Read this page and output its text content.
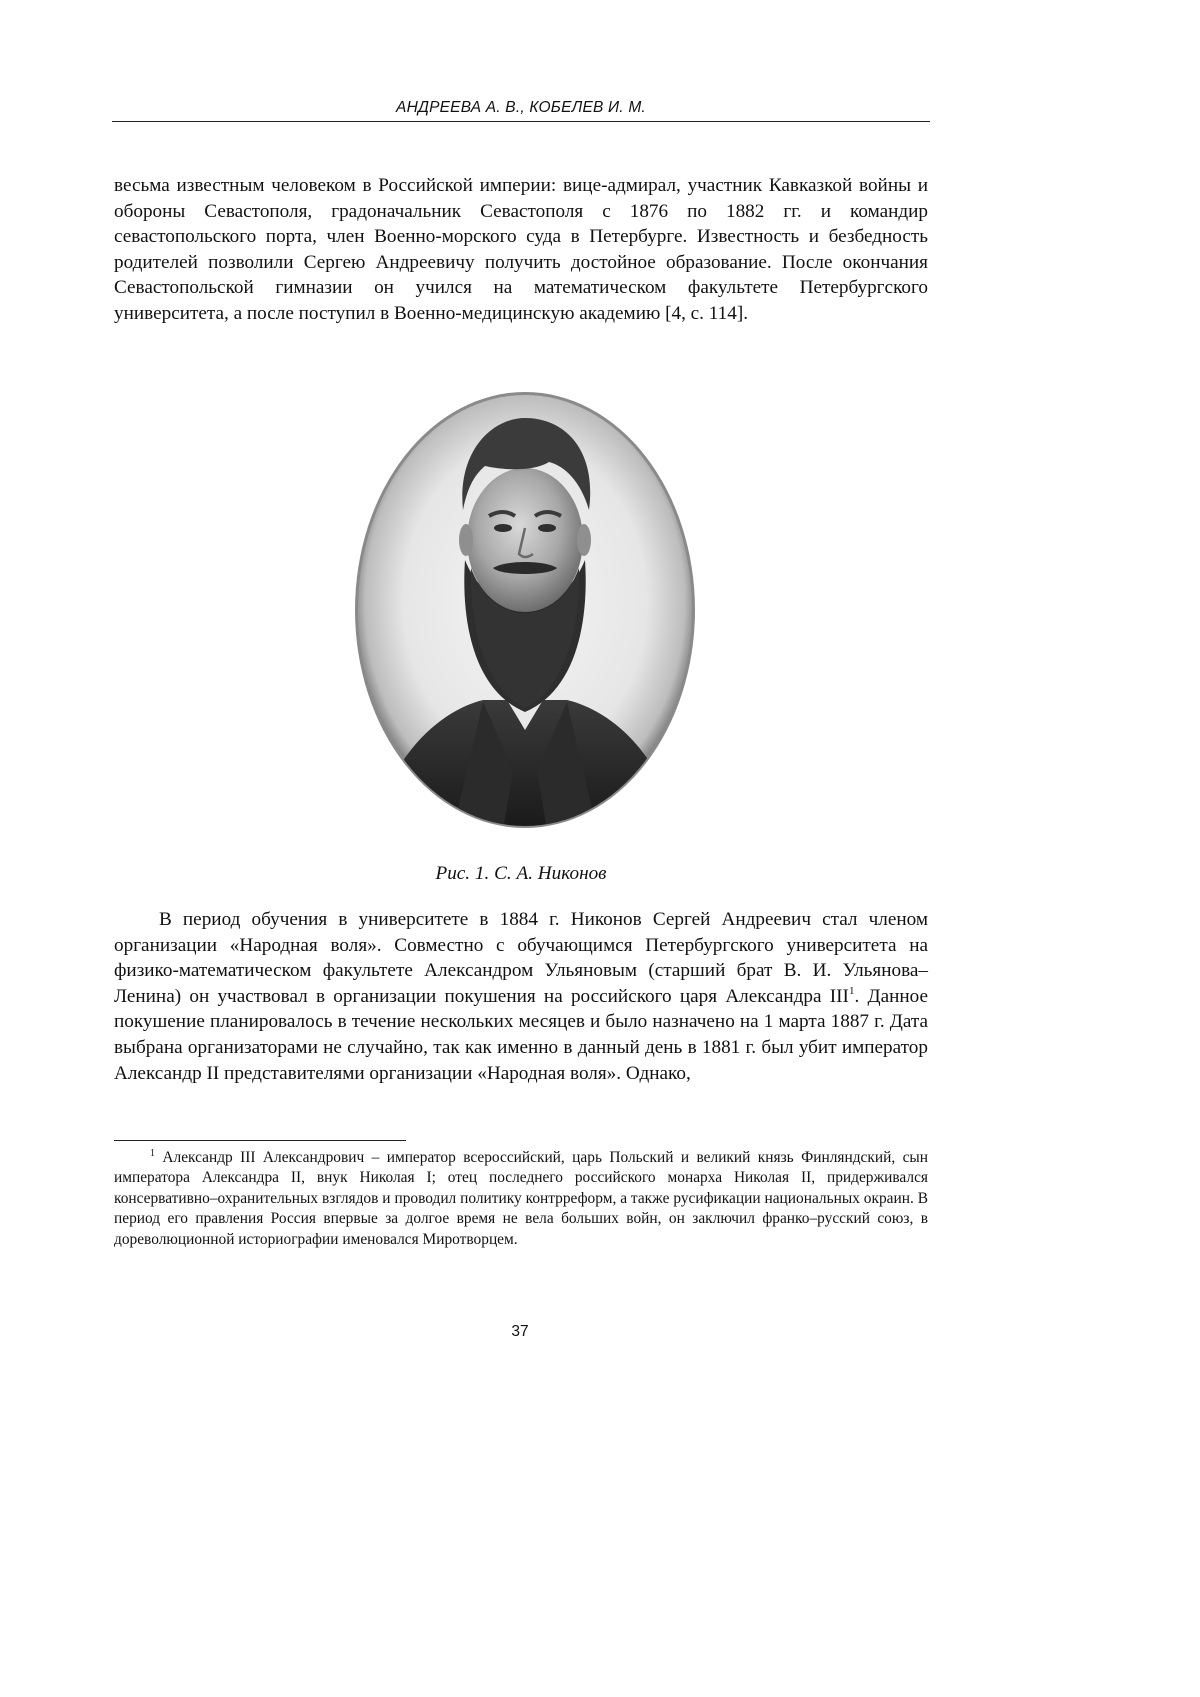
АНДРЕЕВА А. В., КОБЕЛЕВ И. М.

весьма известным человеком в Российской империи: вице-адмирал, участник Кавказкой войны и обороны Севастополя, градоначальник Севастополя с 1876 по 1882 гг. и командир севастопольского порта, член Военно-морского суда в Петербурге. Известность и безбедность родителей позволили Сергею Андреевичу получить достойное образование. После окончания Севастопольской гимназии он учился на математическом факультете Петербургского университета, а после поступил в Военно-медицинскую академию [4, с. 114].

Рис. 1. С. А. Никонов

В период обучения в университете в 1884 г. Никонов Сергей Андреевич стал членом организации «Народная воля». Совместно с обучающимся Петербургского университета на физико-математическом факультете Александром Ульяновым (старший брат В. И. Ульянова–Ленина) он участвовал в организации покушения на российского царя Александра III1. Данное покушение планировалось в течение нескольких месяцев и было назначено на 1 марта 1887 г. Дата выбрана организаторами не случайно, так как именно в данный день в 1881 г. был убит император Александр II представителями организации «Народная воля». Однако,

1 Александр III Александрович – император всероссийский, царь Польский и великий князь Финляндский, сын императора Александра II, внук Николая I; отец последнего российского монарха Николая II, придерживался консервативно–охранительных взглядов и проводил политику контрреформ, а также русификации национальных окраин. В период его правления Россия впервые за долгое время не вела больших войн, он заключил франко–русский союз, в дореволюционной историографии именовался Миротворцем.

37
